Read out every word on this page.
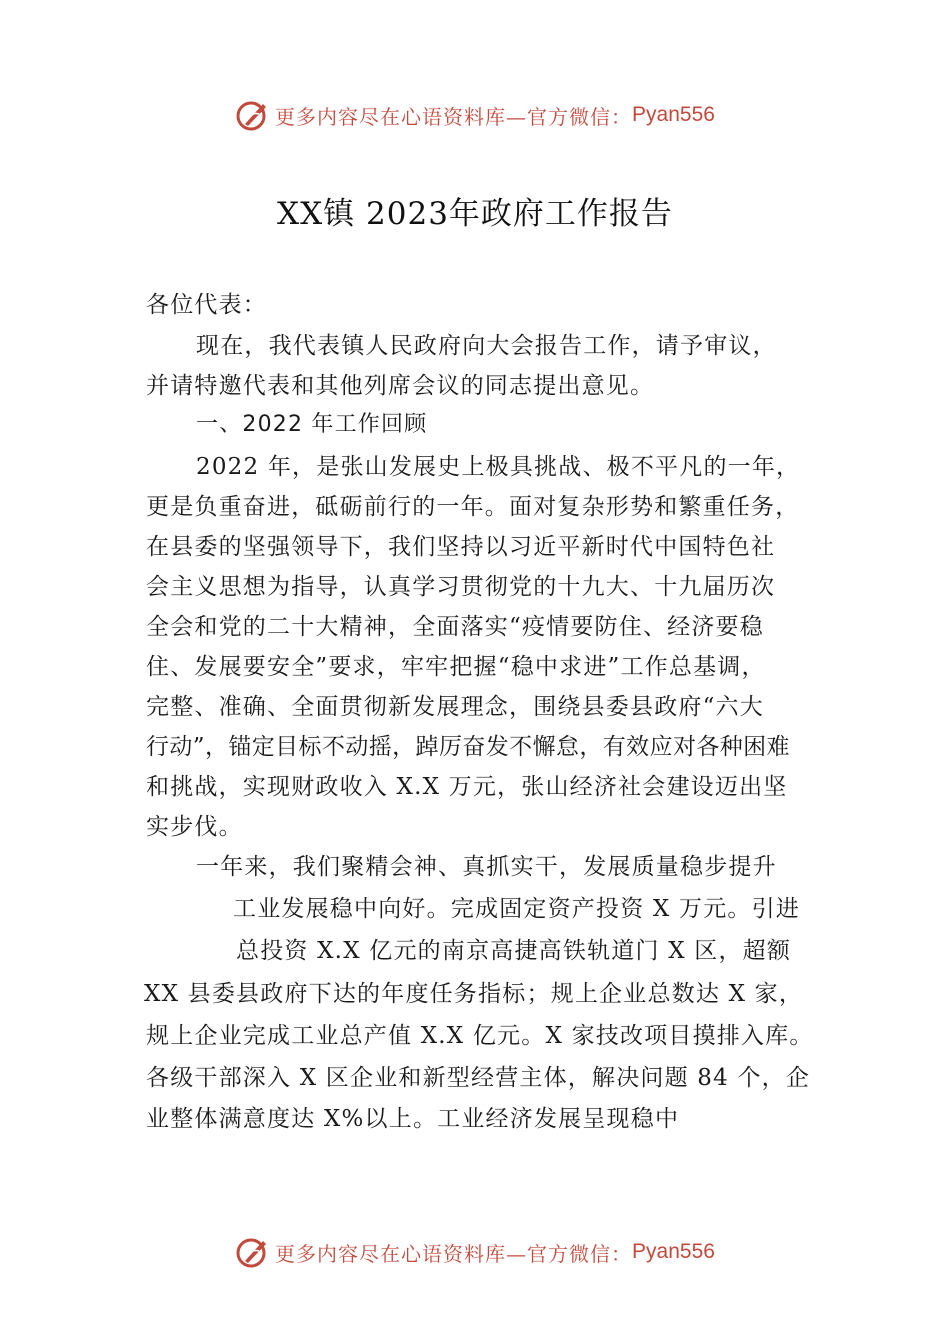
更多内容尽在心语资料库—官方微信： Pyan556
XX镇 2023年政府工作报告
各位代表：
现在，我代表镇人民政府向大会报告工作，请予审议，
并请特邀代表和其他列席会议的同志提出意见。
一、2022 年工作回顾
2022 年，是张山发展史上极具挑战、极不平凡的一年，
更是负重奋进，砥砺前行的一年。面对复杂形势和繁重任务，
在县委的坚强领导下，我们坚持以习近平新时代中国特色社
会主义思想为指导，认真学习贯彻党的十九大、十九届历次
全会和党的二十大精神，全面落实“疫情要防住、经济要稳
住、发展要安全”要求，牢牢把握“稳中求进”工作总基调，
完整、准确、全面贯彻新发展理念，围绕县委县政府“六大
行动”，锚定目标不动摇，踔厉奋发不懈怠，有效应对各种困难
和挑战，实现财政收入 X.X 万元，张山经济社会建设迈出坚
实步伐。
一年来，我们聚精会神、真抓实干，发展质量稳步提升
工业发展稳中向好。完成固定资产投资 X 万元。引进
总投资 X.X 亿元的南京高捷高铁轨道门 X 区，超额
XX 县委县政府下达的年度任务指标；规上企业总数达 X 家，
规上企业完成工业总产值 X.X 亿元。X 家技改项目摸排入库。
各级干部深入 X 区企业和新型经营主体，解决问题 84 个，企
业整体满意度达 X%以上。工业经济发展呈现稳中
更多内容尽在心语资料库—官方微信： Pyan556
